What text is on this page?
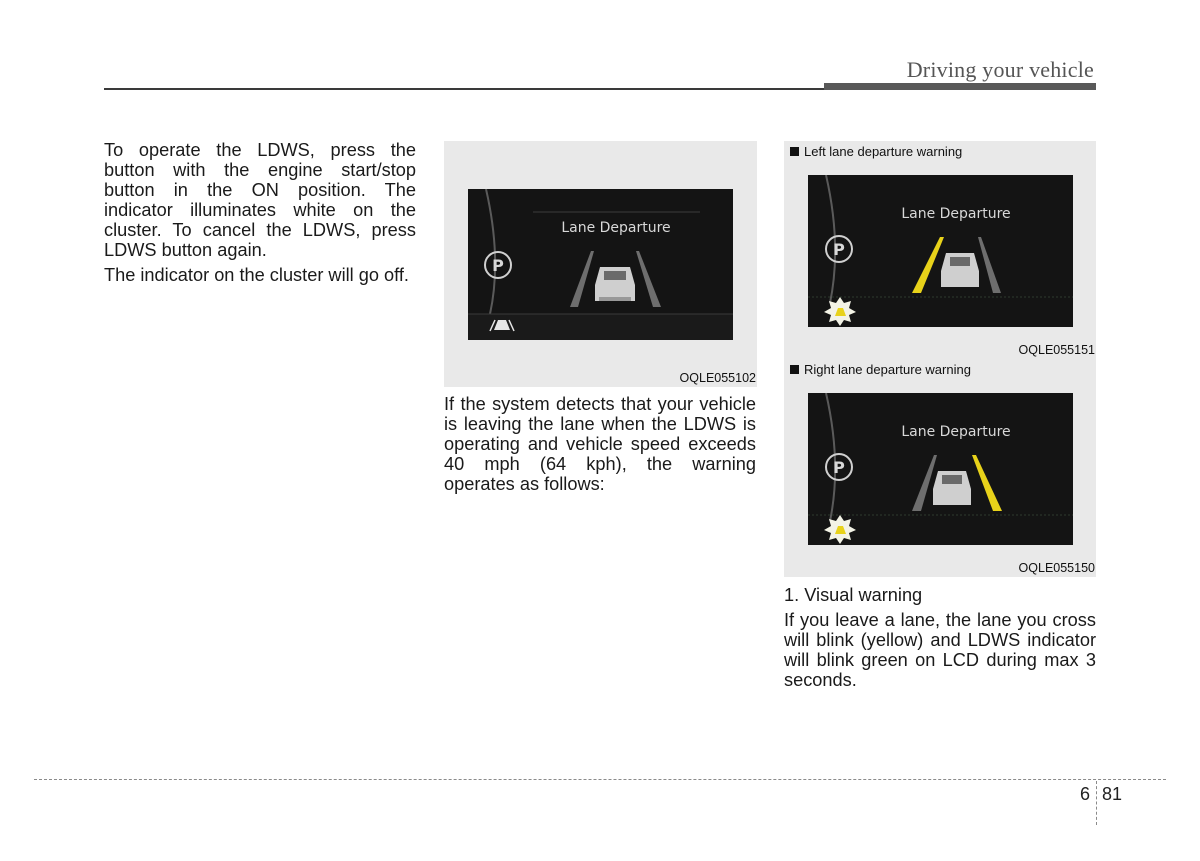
Driving your vehicle

To operate the LDWS, press the button with the engine start/stop button in the ON position. The indicator illuminates white on the cluster. To cancel the LDWS, press LDWS button again.

The indicator on the cluster will go off.

Lane Departure
P
OQLE055102
If the system detects that your vehicle is leaving the lane when the LDWS is operating and vehicle speed exceeds 40 mph (64 kph), the warning operates as follows:
Left lane departure warning
Lane Departure
P
OQLE055151
Right lane departure warning
Lane Departure
P
OQLE055150

1. Visual warning

If you leave a lane, the lane you cross will blink (yellow) and LDWS indicator will blink green on LCD during max 3 seconds.

6 81
